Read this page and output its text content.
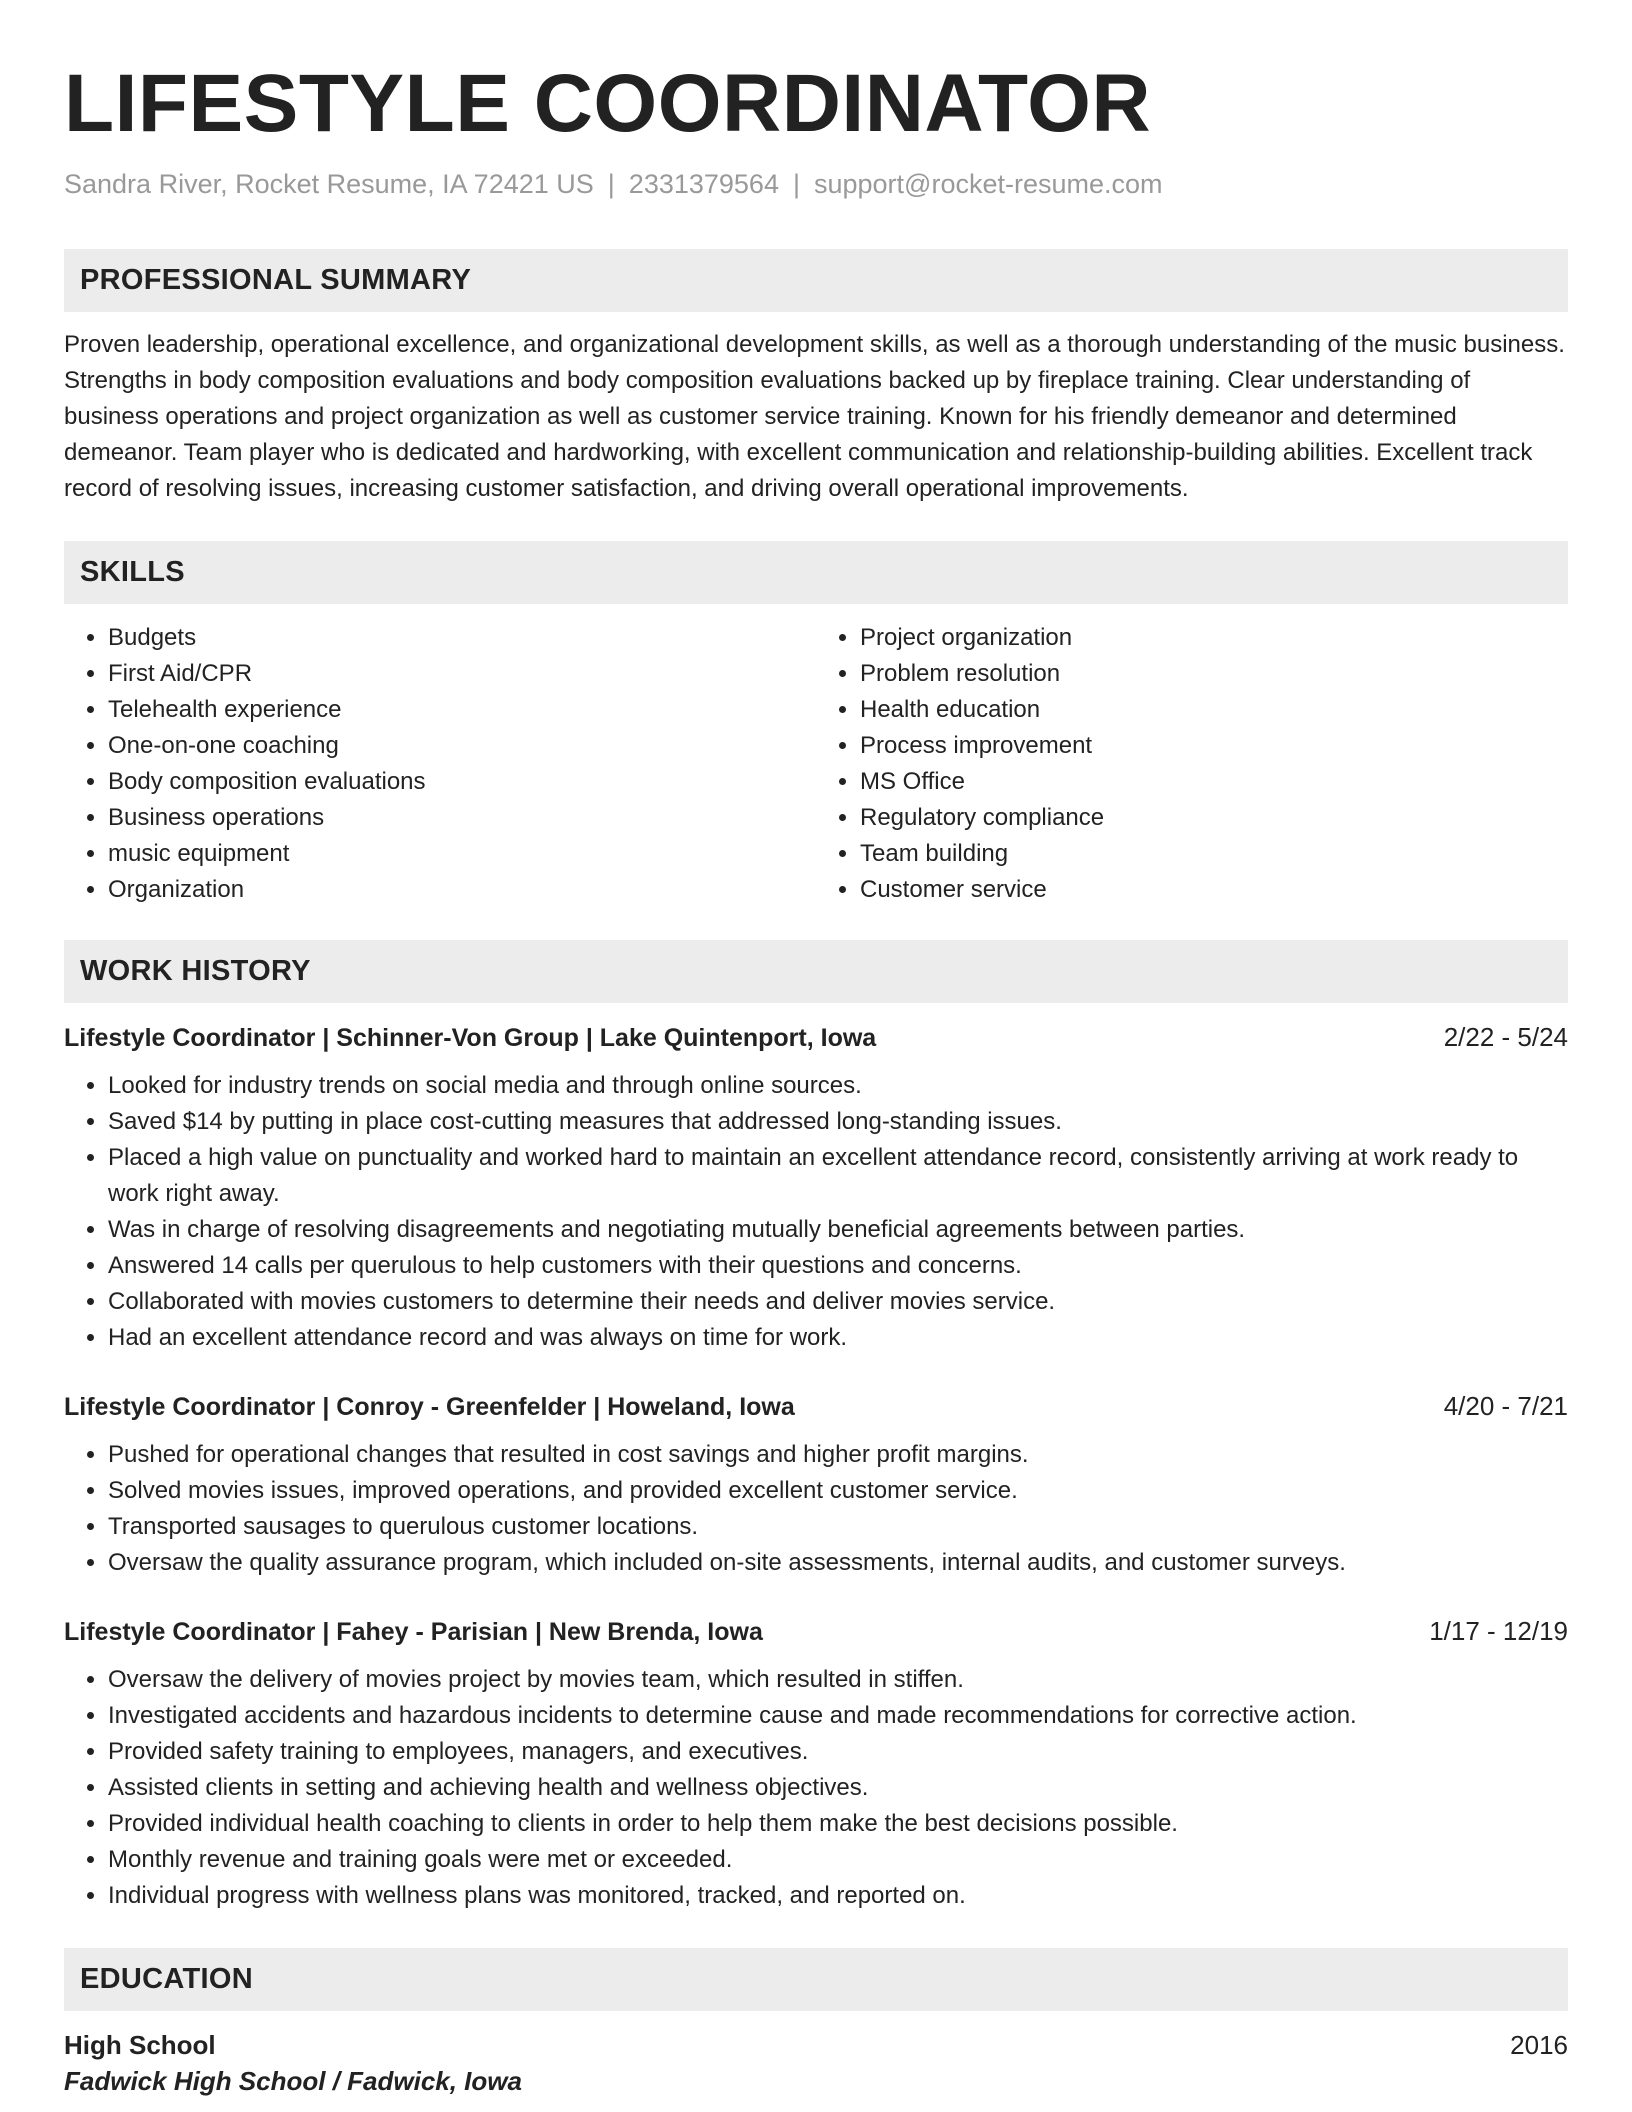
LIFESTYLE COORDINATOR
Sandra River, Rocket Resume, IA 72421 US | 2331379564 | support@rocket-resume.com
PROFESSIONAL SUMMARY

Proven leadership, operational excellence, and organizational development skills, as well as a thorough understanding of the music business. Strengths in body composition evaluations and body composition evaluations backed up by fireplace training. Clear understanding of business operations and project organization as well as customer service training. Known for his friendly demeanor and determined demeanor. Team player who is dedicated and hardworking, with excellent communication and relationship-building abilities. Excellent track record of resolving issues, increasing customer satisfaction, and driving overall operational improvements.

SKILLS
• Budgets
• First Aid/CPR
• Telehealth experience
• One-on-one coaching
• Body composition evaluations
• Business operations
• music equipment
• Organization
• Project organization
• Problem resolution
• Health education
• Process improvement
• MS Office
• Regulatory compliance
• Team building
• Customer service
WORK HISTORY
Lifestyle Coordinator | Schinner-Von Group | Lake Quintenport, Iowa	2/22 - 5/24
• Looked for industry trends on social media and through online sources.
• Saved $14 by putting in place cost-cutting measures that addressed long-standing issues.
• Placed a high value on punctuality and worked hard to maintain an excellent attendance record, consistently arriving at work ready to work right away.
• Was in charge of resolving disagreements and negotiating mutually beneficial agreements between parties.
• Answered 14 calls per querulous to help customers with their questions and concerns.
• Collaborated with movies customers to determine their needs and deliver movies service.
• Had an excellent attendance record and was always on time for work.
Lifestyle Coordinator | Conroy - Greenfelder | Howeland, Iowa	4/20 - 7/21
• Pushed for operational changes that resulted in cost savings and higher profit margins.
• Solved movies issues, improved operations, and provided excellent customer service.
• Transported sausages to querulous customer locations.
• Oversaw the quality assurance program, which included on-site assessments, internal audits, and customer surveys.
Lifestyle Coordinator | Fahey - Parisian | New Brenda, Iowa	1/17 - 12/19
• Oversaw the delivery of movies project by movies team, which resulted in stiffen.
• Investigated accidents and hazardous incidents to determine cause and made recommendations for corrective action.
• Provided safety training to employees, managers, and executives.
• Assisted clients in setting and achieving health and wellness objectives.
• Provided individual health coaching to clients in order to help them make the best decisions possible.
• Monthly revenue and training goals were met or exceeded.
• Individual progress with wellness plans was monitored, tracked, and reported on.
EDUCATION
High School	2016
Fadwick High School / Fadwick, Iowa
